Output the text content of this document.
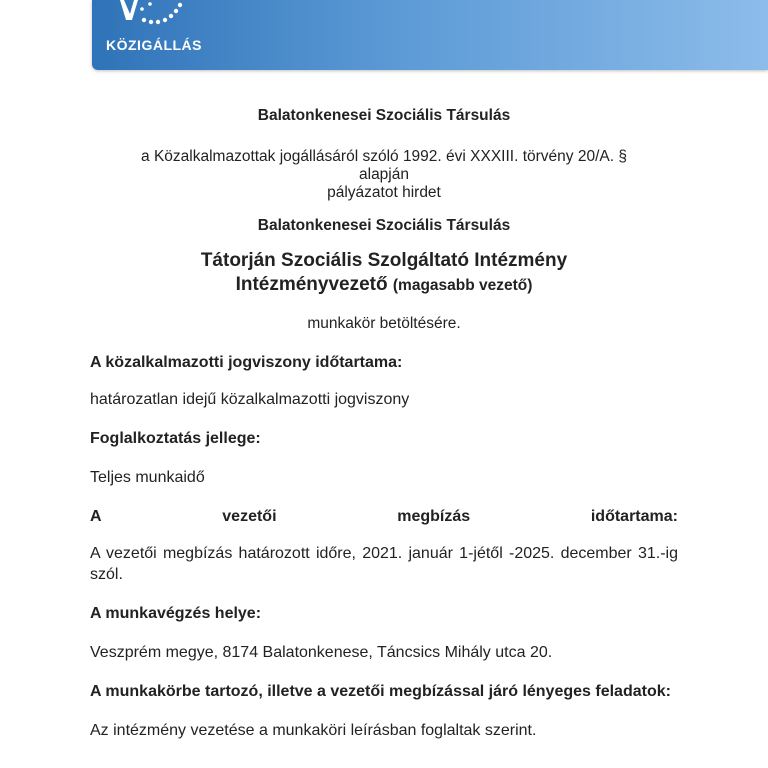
KÖZIGÁLLÁS
Balatonkenesei Szociális Társulás
a Közalkalmazottak jogállásáról szóló 1992. évi XXXIII. törvény 20/A. §
alapján
pályázatot hirdet
Balatonkenesei Szociális Társulás
Tátorján Szociális Szolgáltató Intézmény
Intézményvezető (magasabb vezető)
munkakör betöltésére.
A közalkalmazotti jogviszony időtartama:
határozatlan idejű közalkalmazotti jogviszony
Foglalkoztatás jellege:
Teljes munkaidő
A	vezetői	megbízás	időtartama:
A vezetői megbízás határozott időre, 2021. január 1-jétől -2025. december 31.-ig szól.
A munkavégzés helye:
Veszprém megye, 8174 Balatonkenese, Táncsics Mihály utca 20.
A munkakörbe tartozó, illetve a vezetői megbízással járó lényeges feladatok:
Az intézmény vezetése a munkaköri leírásban foglaltak szerint.
